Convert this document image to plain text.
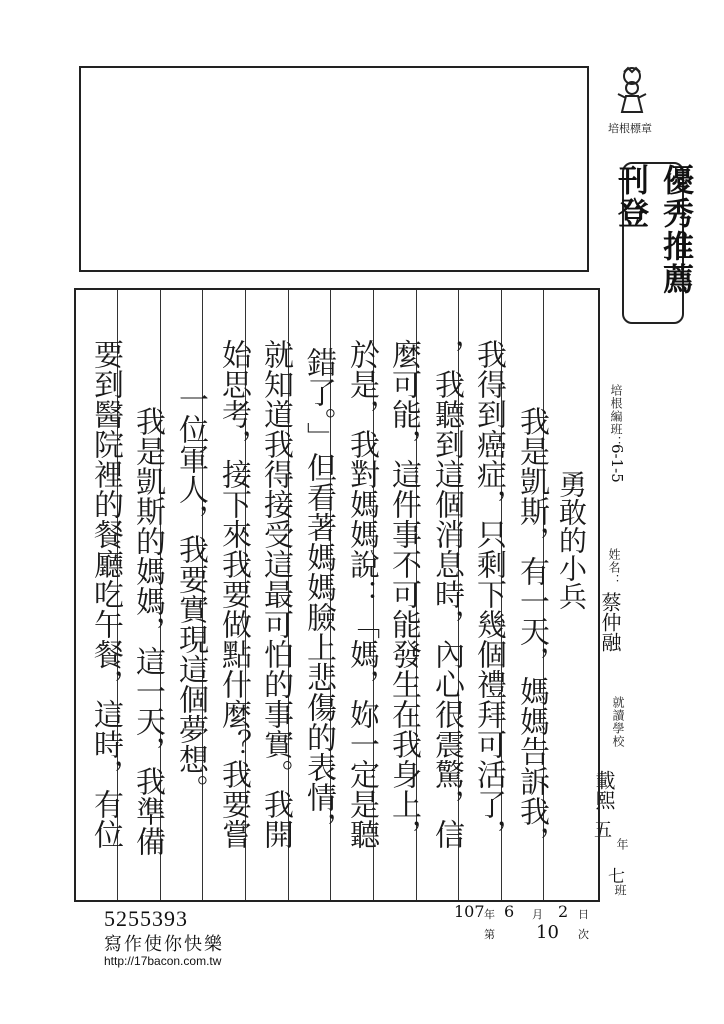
培根標章
優秀推薦刊登
培根編班：
6-1-5
姓名：
蔡仲融
就讀學校
載熙
五
年
七
班
勇敢的小兵
我是凱斯，有一天，媽媽告訴我，
我得到癌症，只剩下幾個禮拜可活了，
，我聽到這個消息時，內心很震驚，信
麼可能，這件事不可能發生在我身上，
於是，我對媽媽說：「媽，妳一定是聽
錯了。」但看著媽媽臉上悲傷的表情，
就知道我得接受這最可怕的事實。我開
始思考，接下來我要做點什麼？我要嘗
一位軍人，我要實現這個夢想。
我是凱斯的媽媽，這一天，我準備
要到醫院裡的餐廳吃午餐，這時，有位
5255393
寫作使你快樂
http://17bacon.com.tw
107 年 6 月 2 日
第 10 次
